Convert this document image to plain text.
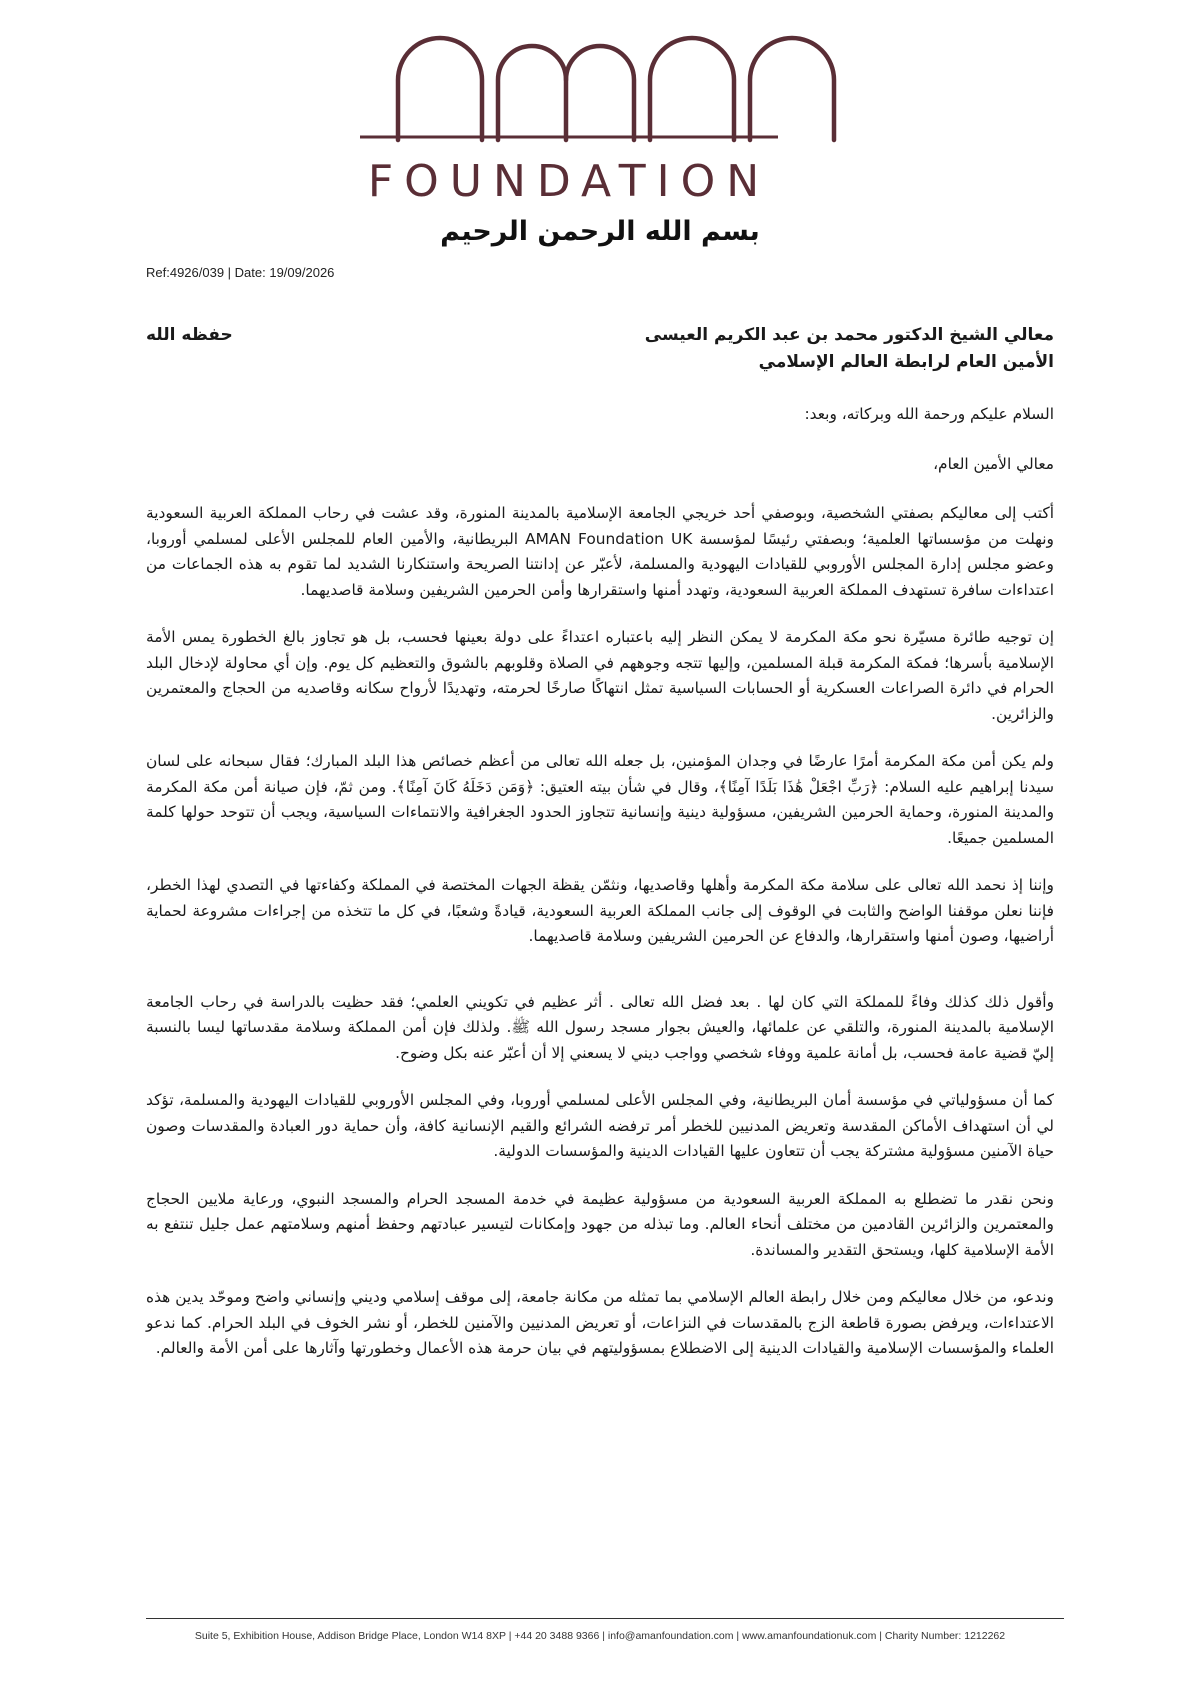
FOUNDATION
بسم الله الرحمن الرحيم
Ref:4926/039 | Date: 19/09/2026
معالي الشيخ الدكتور محمد بن عبد الكريم العيسى
الأمين العام لرابطة العالم الإسلامي
حفظه الله

السلام عليكم ورحمة الله وبركاته، وبعد:

معالي الأمين العام،

أكتب إلى معاليكم بصفتي الشخصية، وبوصفي أحد خريجي الجامعة الإسلامية بالمدينة المنورة، وقد عشت في رحاب المملكة العربية السعودية ونهلت من مؤسساتها العلمية؛ وبصفتي رئيسًا لمؤسسة AMAN Foundation UK البريطانية، والأمين العام للمجلس الأعلى لمسلمي أوروبا، وعضو مجلس إدارة المجلس الأوروبي للقيادات اليهودية والمسلمة، لأعبّر عن إدانتنا الصريحة واستنكارنا الشديد لما تقوم به هذه الجماعات من اعتداءات سافرة تستهدف المملكة العربية السعودية، وتهدد أمنها واستقرارها وأمن الحرمين الشريفين وسلامة قاصديهما.

إن توجيه طائرة مسيّرة نحو مكة المكرمة لا يمكن النظر إليه باعتباره اعتداءً على دولة بعينها فحسب، بل هو تجاوز بالغ الخطورة يمس الأمة الإسلامية بأسرها؛ فمكة المكرمة قبلة المسلمين، وإليها تتجه وجوههم في الصلاة وقلوبهم بالشوق والتعظيم كل يوم. وإن أي محاولة لإدخال البلد الحرام في دائرة الصراعات العسكرية أو الحسابات السياسية تمثل انتهاكًا صارخًا لحرمته، وتهديدًا لأرواح سكانه وقاصديه من الحجاج والمعتمرين والزائرين.

ولم يكن أمن مكة المكرمة أمرًا عارضًا في وجدان المؤمنين، بل جعله الله تعالى من أعظم خصائص هذا البلد المبارك؛ فقال سبحانه على لسان سيدنا إبراهيم عليه السلام: ﴿رَبِّ اجْعَلْ هَٰذَا بَلَدًا آمِنًا﴾، وقال في شأن بيته العتيق: ﴿وَمَن دَخَلَهُ كَانَ آمِنًا﴾. ومن ثمّ، فإن صيانة أمن مكة المكرمة والمدينة المنورة، وحماية الحرمين الشريفين، مسؤولية دينية وإنسانية تتجاوز الحدود الجغرافية والانتماءات السياسية، ويجب أن تتوحد حولها كلمة المسلمين جميعًا.

وإننا إذ نحمد الله تعالى على سلامة مكة المكرمة وأهلها وقاصديها، ونثمّن يقظة الجهات المختصة في المملكة وكفاءتها في التصدي لهذا الخطر، فإننا نعلن موقفنا الواضح والثابت في الوقوف إلى جانب المملكة العربية السعودية، قيادةً وشعبًا، في كل ما تتخذه من إجراءات مشروعة لحماية أراضيها، وصون أمنها واستقرارها، والدفاع عن الحرمين الشريفين وسلامة قاصديهما.

وأقول ذلك كذلك وفاءً للمملكة التي كان لها . بعد فضل الله تعالى . أثر عظيم في تكويني العلمي؛ فقد حظيت بالدراسة في رحاب الجامعة الإسلامية بالمدينة المنورة، والتلقي عن علمائها، والعيش بجوار مسجد رسول الله ﷺ. ولذلك فإن أمن المملكة وسلامة مقدساتها ليسا بالنسبة إليّ قضية عامة فحسب، بل أمانة علمية ووفاء شخصي وواجب ديني لا يسعني إلا أن أعبّر عنه بكل وضوح.

كما أن مسؤولياتي في مؤسسة أمان البريطانية، وفي المجلس الأعلى لمسلمي أوروبا، وفي المجلس الأوروبي للقيادات اليهودية والمسلمة، تؤكد لي أن استهداف الأماكن المقدسة وتعريض المدنيين للخطر أمر ترفضه الشرائع والقيم الإنسانية كافة، وأن حماية دور العبادة والمقدسات وصون حياة الآمنين مسؤولية مشتركة يجب أن تتعاون عليها القيادات الدينية والمؤسسات الدولية.

ونحن نقدر ما تضطلع به المملكة العربية السعودية من مسؤولية عظيمة في خدمة المسجد الحرام والمسجد النبوي، ورعاية ملايين الحجاج والمعتمرين والزائرين القادمين من مختلف أنحاء العالم. وما تبذله من جهود وإمكانات لتيسير عبادتهم وحفظ أمنهم وسلامتهم عمل جليل تنتفع به الأمة الإسلامية كلها، ويستحق التقدير والمساندة.

وندعو، من خلال معاليكم ومن خلال رابطة العالم الإسلامي بما تمثله من مكانة جامعة، إلى موقف إسلامي وديني وإنساني واضح وموحّد يدين هذه الاعتداءات، ويرفض بصورة قاطعة الزج بالمقدسات في النزاعات، أو تعريض المدنيين والآمنين للخطر، أو نشر الخوف في البلد الحرام. كما ندعو العلماء والمؤسسات الإسلامية والقيادات الدينية إلى الاضطلاع بمسؤوليتهم في بيان حرمة هذه الأعمال وخطورتها وآثارها على أمن الأمة والعالم.

Suite 5, Exhibition House, Addison Bridge Place, London W14 8XP | +44 20 3488 9366 | info@amanfoundation.com | www.amanfoundationuk.com | Charity Number: 1212262
